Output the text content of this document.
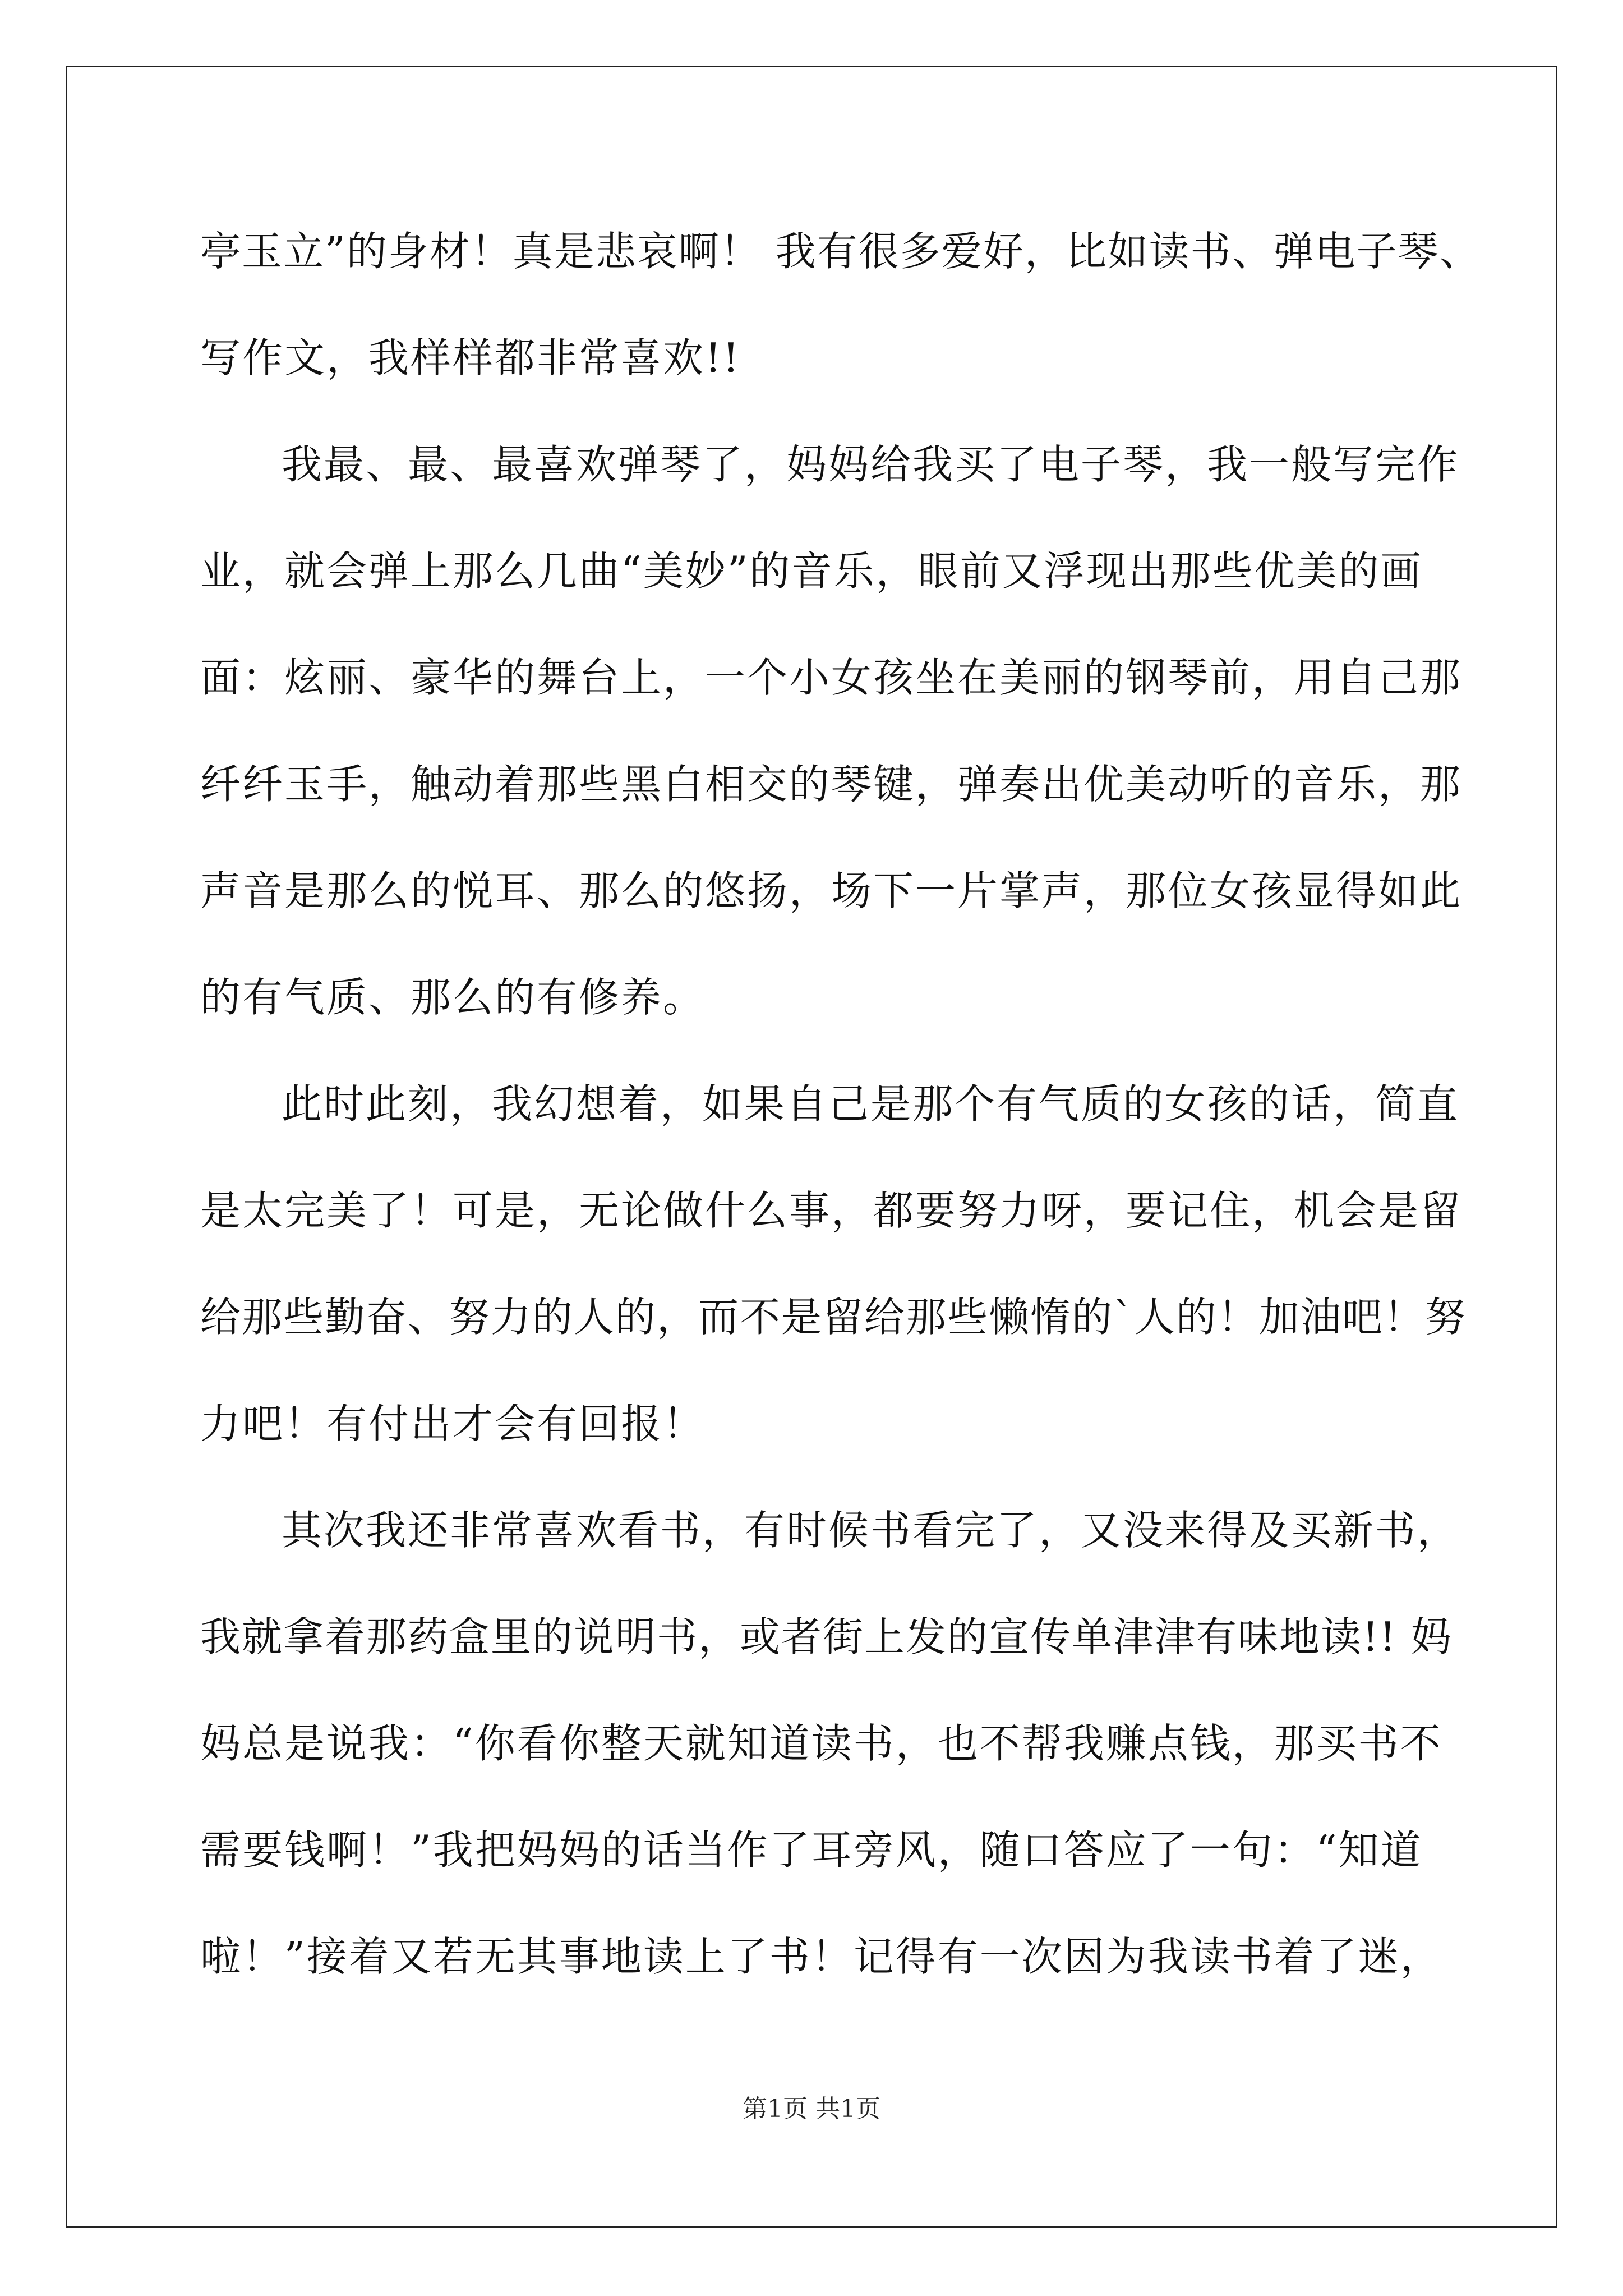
亭玉立”的身材！真是悲哀啊！ 我有很多爱好，比如读书、弹电子琴、
写作文，我样样都非常喜欢!!
我最、最、最喜欢弹琴了，妈妈给我买了电子琴，我一般写完作
业，就会弹上那么几曲“美妙”的音乐，眼前又浮现出那些优美的画
面：炫丽、豪华的舞台上，一个小女孩坐在美丽的钢琴前，用自己那
纤纤玉手，触动着那些黑白相交的琴键，弹奏出优美动听的音乐，那
声音是那么的悦耳、那么的悠扬，场下一片掌声，那位女孩显得如此
的有气质、那么的有修养。
此时此刻，我幻想着，如果自己是那个有气质的女孩的话，简直
是太完美了！可是，无论做什么事，都要努力呀，要记住，机会是留
给那些勤奋、努力的人的，而不是留给那些懒惰的`人的！加油吧！努
力吧！有付出才会有回报！
其次我还非常喜欢看书，有时候书看完了，又没来得及买新书，
我就拿着那药盒里的说明书，或者街上发的宣传单津津有味地读!! 妈
妈总是说我：“你看你整天就知道读书，也不帮我赚点钱，那买书不
需要钱啊！”我把妈妈的话当作了耳旁风，随口答应了一句：“知道
啦！”接着又若无其事地读上了书！记得有一次因为我读书着了迷，
第1页 共1页
